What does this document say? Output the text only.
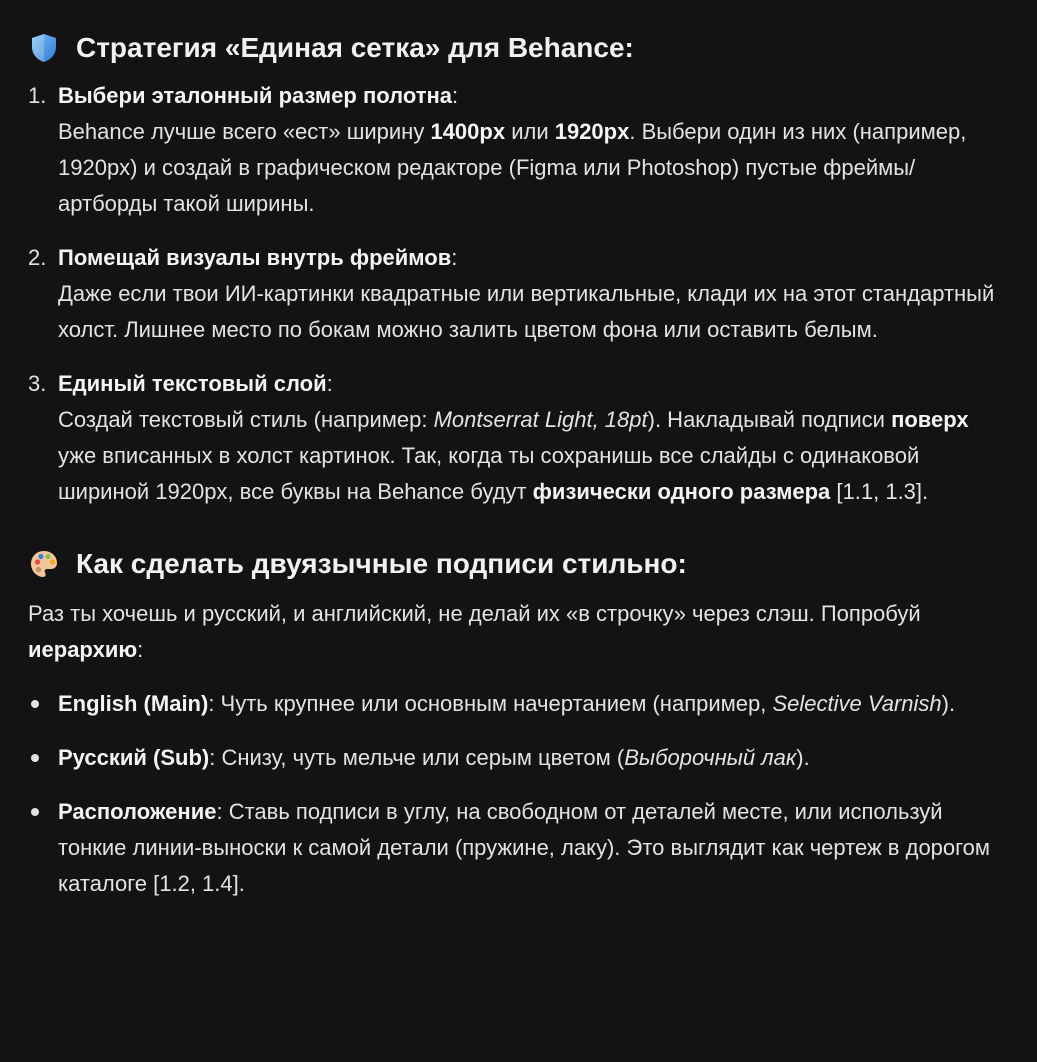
Стратегия «Единая сетка» для Behance:
1. Выбери эталонный размер полотна:
Behance лучше всего «ест» ширину 1400px или 1920px. Выбери один из них (например, 1920px) и создай в графическом редакторе (Figma или Photoshop) пустые фреймы/артборды такой ширины.
2. Помещай визуалы внутрь фреймов:
Даже если твои ИИ-картинки квадратные или вертикальные, клади их на этот стандартный холст. Лишнее место по бокам можно залить цветом фона или оставить белым.
3. Единый текстовый слой:
Создай текстовый стиль (например: Montserrat Light, 18pt). Накладывай подписи поверх уже вписанных в холст картинок. Так, когда ты сохранишь все слайды с одинаковой шириной 1920px, все буквы на Behance будут физически одного размера [1.1, 1.3].
Как сделать двуязычные подписи стильно:
Раз ты хочешь и русский, и английский, не делай их «в строчку» через слэш. Попробуй иерархию:
English (Main): Чуть крупнее или основным начертанием (например, Selective Varnish).
Русский (Sub): Снизу, чуть мельче или серым цветом (Выборочный лак).
Расположение: Ставь подписи в углу, на свободном от деталей месте, или используй тонкие линии-выноски к самой детали (пружине, лаку). Это выглядит как чертеж в дорогом каталоге [1.2, 1.4].
